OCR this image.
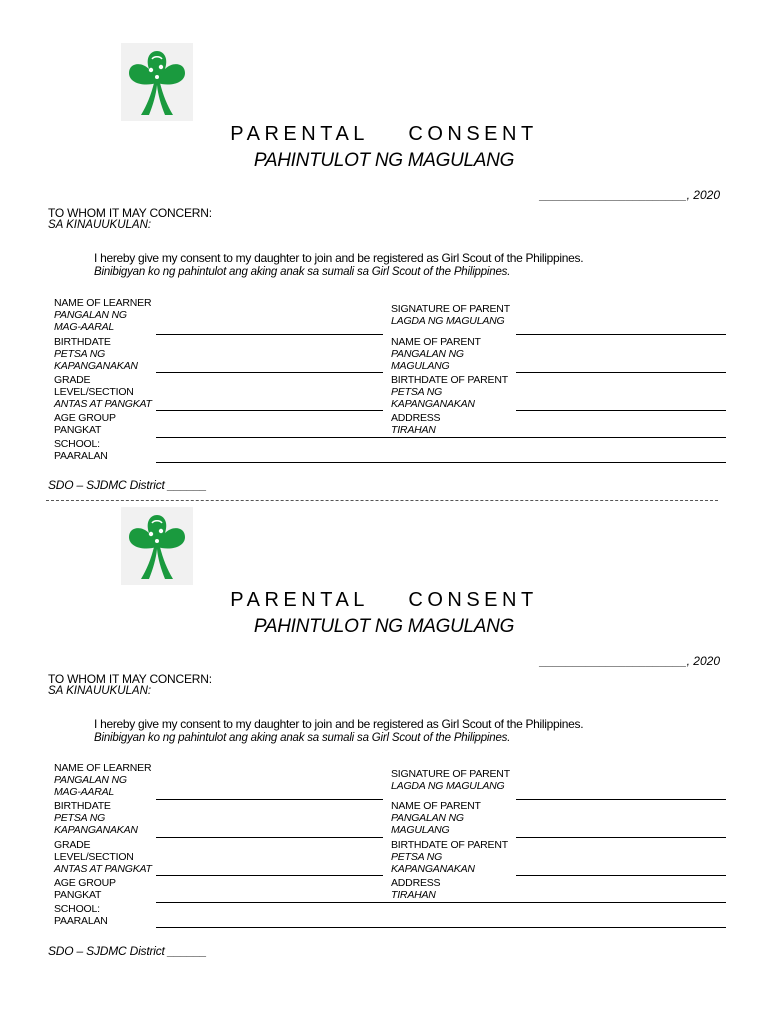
PARENTAL    CONSENT
PAHINTULOT NG MAGULANG
______________________, 2020
TO WHOM IT MAY CONCERN:
SA KINAUUKULAN:
I hereby give my consent to my daughter to join and be registered as Girl Scout of the Philippines.
Binibigyan ko ng pahintulot ang aking anak sa sumali sa Girl Scout of the Philippines.
NAME OF LEARNER
PANGALAN NG
MAG-AARAL
BIRTHDATE
PETSA NG
KAPANGANAKAN
GRADE
LEVEL/SECTION
ANTAS AT PANGKAT
AGE GROUP
PANGKAT
SCHOOL:
PAARALAN
SIGNATURE OF PARENT
LAGDA NG MAGULANG
NAME OF PARENT
PANGALAN NG
MAGULANG
BIRTHDATE OF PARENT
PETSA NG
KAPANGANAKAN
ADDRESS
TIRAHAN
SDO – SJDMC District ______
PARENTAL    CONSENT
PAHINTULOT NG MAGULANG
______________________, 2020
TO WHOM IT MAY CONCERN:
SA KINAUUKULAN:
I hereby give my consent to my daughter to join and be registered as Girl Scout of the Philippines.
Binibigyan ko ng pahintulot ang aking anak sa sumali sa Girl Scout of the Philippines.
NAME OF LEARNER
PANGALAN NG
MAG-AARAL
BIRTHDATE
PETSA NG
KAPANGANAKAN
GRADE
LEVEL/SECTION
ANTAS AT PANGKAT
AGE GROUP
PANGKAT
SCHOOL:
PAARALAN
SIGNATURE OF PARENT
LAGDA NG MAGULANG
NAME OF PARENT
PANGALAN NG
MAGULANG
BIRTHDATE OF PARENT
PETSA NG
KAPANGANAKAN
ADDRESS
TIRAHAN
SDO – SJDMC District ______
